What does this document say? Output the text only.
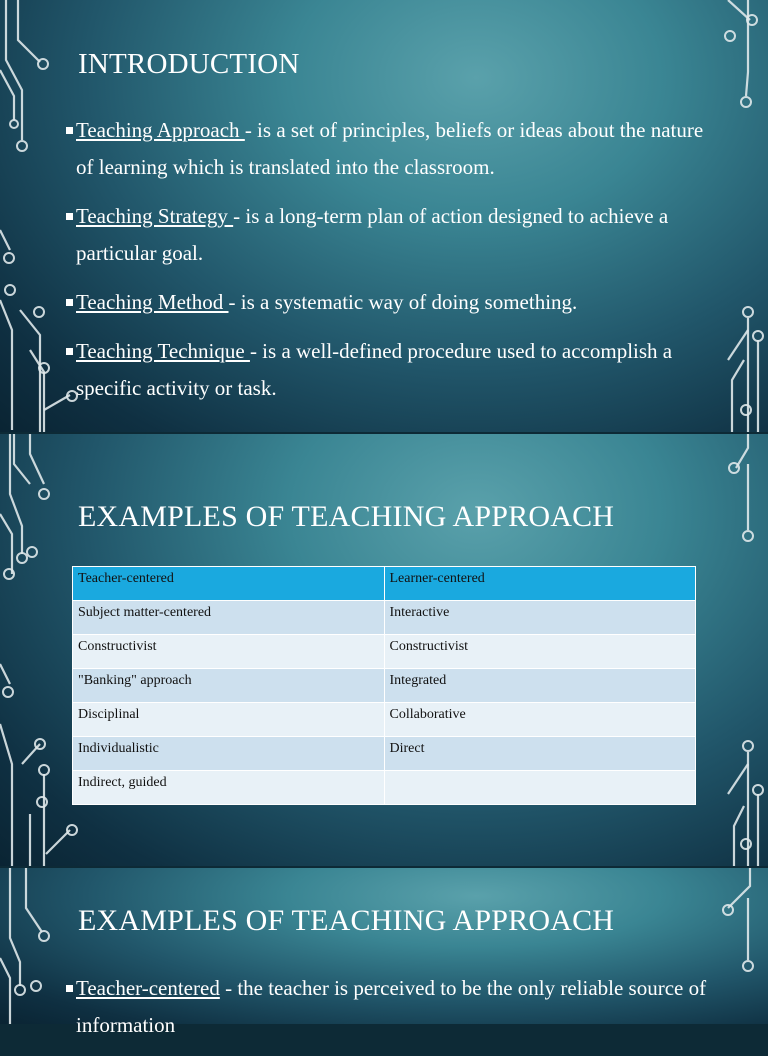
INTRODUCTION
Teaching Approach - is a set of principles, beliefs or ideas about the nature of learning which is translated into the classroom.
Teaching Strategy - is a long-term plan of action designed to achieve a particular goal.
Teaching Method - is a systematic way of doing something.
Teaching Technique - is a well-defined procedure used to accomplish a specific activity or task.
EXAMPLES OF TEACHING APPROACH
Teacher-centered	Learner-centered
Subject matter-centered	Interactive
Constructivist	Constructivist
"Banking" approach	Integrated
Disciplinal	Collaborative
Individualistic	Direct
Indirect, guided	
EXAMPLES OF TEACHING APPROACH
Teacher-centered - the teacher is perceived to be the only reliable source of information
